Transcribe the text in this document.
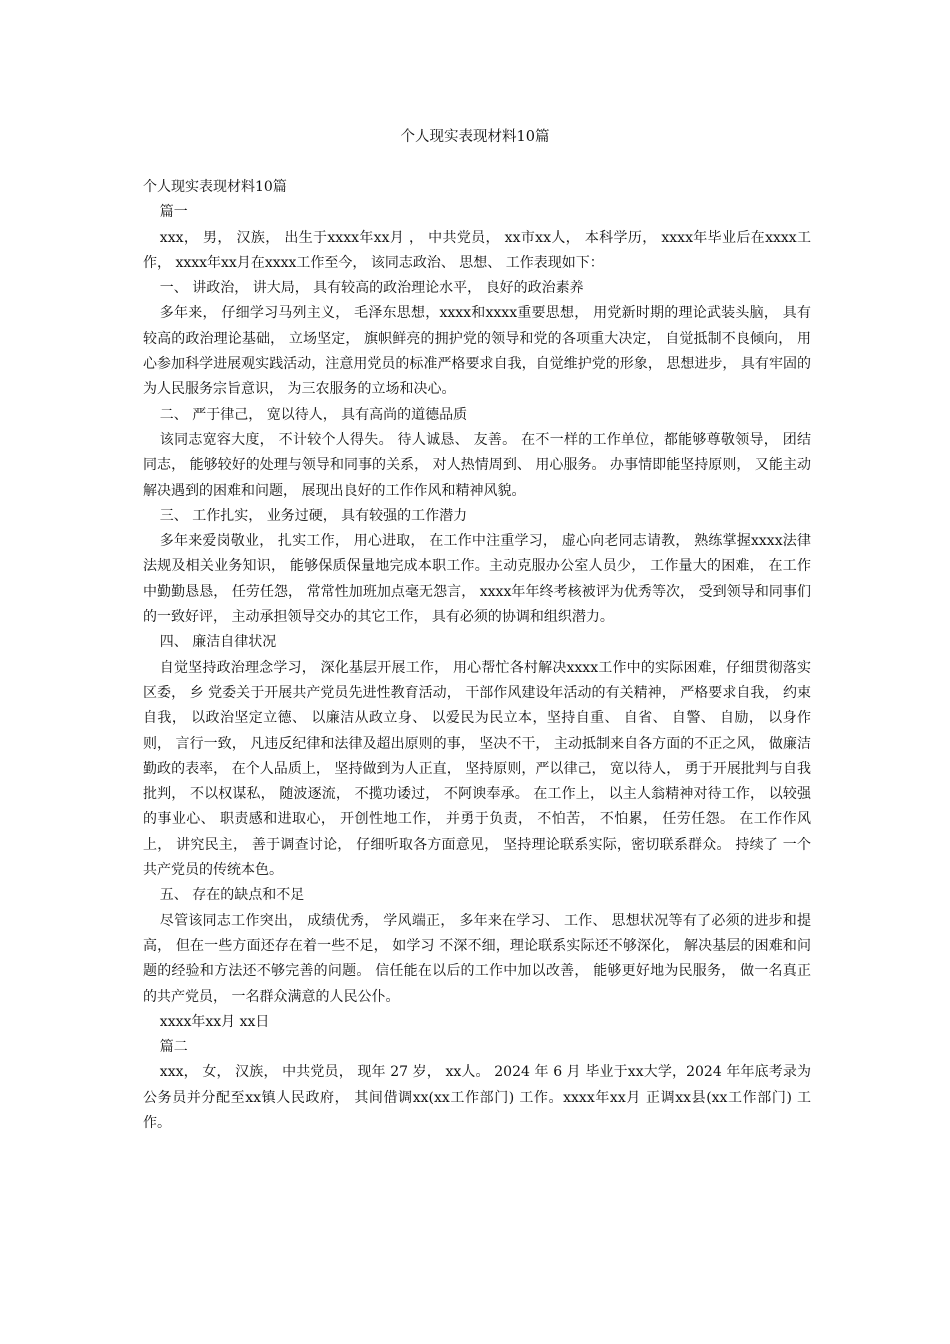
个人现实表现材料10篇

个人现实表现材料10篇

篇一

xxx， 男， 汉族， 出生于xxxx年xx月 ， 中共党员， xx市xx人， 本科学历， xxxx年毕业后在xxxx工作， xxxx年xx月在xxxx工作至今， 该同志政治、 思想、 工作表现如下：

一、 讲政治， 讲大局， 具有较高的政治理论水平， 良好的政治素养

多年来， 仔细学习马列主义， 毛泽东思想，xxxx和xxxx重要思想， 用党新时期的理论武装头脑， 具有较高的政治理论基础， 立场坚定， 旗帜鲜亮的拥护党的领导和党的各项重大决定， 自觉抵制不良倾向， 用心参加科学进展观实践活动，注意用党员的标准严格要求自我，自觉维护党的形象， 思想进步， 具有牢固的为人民服务宗旨意识， 为三农服务的立场和决心。

二、 严于律己， 宽以待人， 具有高尚的道德品质

该同志宽容大度， 不计较个人得失。 待人诚恳、 友善。 在不一样的工作单位，都能够尊敬领导， 团结同志， 能够较好的处理与领导和同事的关系， 对人热情周到、 用心服务。 办事情即能坚持原则， 又能主动解决遇到的困难和问题， 展现出良好的工作作风和精神风貌。

三、 工作扎实， 业务过硬， 具有较强的工作潜力

多年来爱岗敬业， 扎实工作， 用心进取， 在工作中注重学习， 虚心向老同志请教， 熟练掌握xxxx法律法规及相关业务知识， 能够保质保量地完成本职工作。主动克服办公室人员少， 工作量大的困难， 在工作中勤勤恳恳， 任劳任怨， 常常性加班加点毫无怨言， xxxx年年终考核被评为优秀等次， 受到领导和同事们的一致好评， 主动承担领导交办的其它工作， 具有必须的协调和组织潜力。

四、 廉洁自律状况

自觉坚持政治理念学习， 深化基层开展工作， 用心帮忙各村解决xxxx工作中的实际困难，仔细贯彻落实区委， 乡 党委关于开展共产党员先进性教育活动， 干部作风建设年活动的有关精神， 严格要求自我， 约束自我， 以政治坚定立德、 以廉洁从政立身、 以爱民为民立本，坚持自重、 自省、 自警、 自励， 以身作则， 言行一致， 凡违反纪律和法律及超出原则的事， 坚决不干， 主动抵制来自各方面的不正之风， 做廉洁勤政的表率， 在个人品质上， 坚持做到为人正直， 坚持原则，严以律己， 宽以待人， 勇于开展批判与自我批判， 不以权谋私， 随波逐流， 不揽功诿过， 不阿谀奉承。 在工作上， 以主人翁精神对待工作， 以较强的事业心、 职责感和进取心， 开创性地工作， 并勇于负责， 不怕苦， 不怕累， 任劳任怨。 在工作作风上， 讲究民主， 善于调查讨论， 仔细听取各方面意见， 坚持理论联系实际，密切联系群众。 持续了 一个共产党员的传统本色。

五、 存在的缺点和不足

尽管该同志工作突出， 成绩优秀， 学风端正， 多年来在学习、 工作、 思想状况等有了必须的进步和提高， 但在一些方面还存在着一些不足， 如学习 不深不细，理论联系实际还不够深化， 解决基层的困难和问题的经验和方法还不够完善的问题。 信任能在以后的工作中加以改善， 能够更好地为民服务， 做一名真正的共产党员， 一名群众满意的人民公仆。

xxxx年xx月 xx日

篇二

xxx， 女， 汉族， 中共党员， 现年 27 岁， xx人。 2024 年 6 月 毕业于xx大学，2024 年年底考录为公务员并分配至xx镇人民政府， 其间借调xx(xx工作部门) 工作。xxxx年xx月 正调xx县(xx工作部门) 工作。
